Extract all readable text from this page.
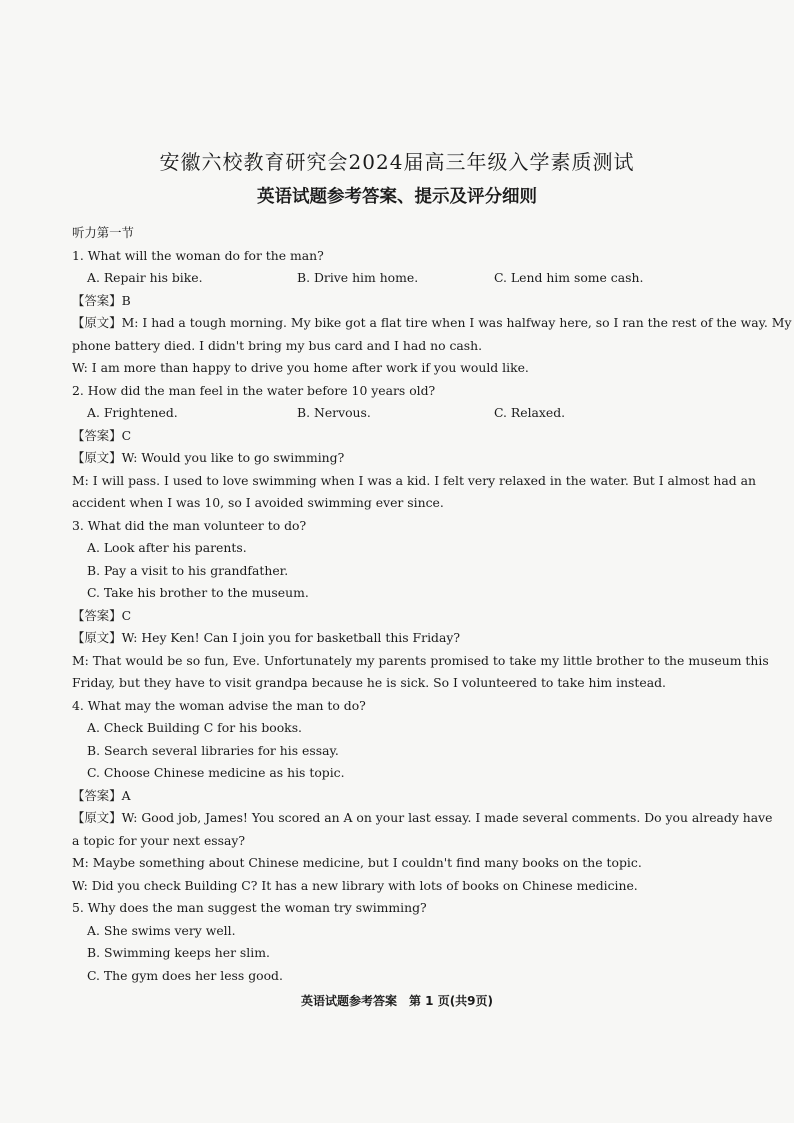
安徽六校教育研究会2024届高三年级入学素质测试
英语试题参考答案、提示及评分细则
听力第一节
1. What will the woman do for the man?
A. Repair his bike.	B. Drive him home.	C. Lend him some cash.
【答案】B
【原文】M: I had a tough morning. My bike got a flat tire when I was halfway here, so I ran the rest of the way. My
phone battery died. I didn't bring my bus card and I had no cash.
W: I am more than happy to drive you home after work if you would like.
2. How did the man feel in the water before 10 years old?
A. Frightened.	B. Nervous.	C. Relaxed.
【答案】C
【原文】W: Would you like to go swimming?
M: I will pass. I used to love swimming when I was a kid. I felt very relaxed in the water. But I almost had an
accident when I was 10, so I avoided swimming ever since.
3. What did the man volunteer to do?
A. Look after his parents.
B. Pay a visit to his grandfather.
C. Take his brother to the museum.
【答案】C
【原文】W: Hey Ken! Can I join you for basketball this Friday?
M: That would be so fun, Eve. Unfortunately my parents promised to take my little brother to the museum this
Friday, but they have to visit grandpa because he is sick. So I volunteered to take him instead.
4. What may the woman advise the man to do?
A. Check Building C for his books.
B. Search several libraries for his essay.
C. Choose Chinese medicine as his topic.
【答案】A
【原文】W: Good job, James! You scored an A on your last essay. I made several comments. Do you already have
a topic for your next essay?
M: Maybe something about Chinese medicine, but I couldn't find many books on the topic.
W: Did you check Building C? It has a new library with lots of books on Chinese medicine.
5. Why does the man suggest the woman try swimming?
A. She swims very well.
B. Swimming keeps her slim.
C. The gym does her less good.
英语试题参考答案　第 1 页(共9页)
